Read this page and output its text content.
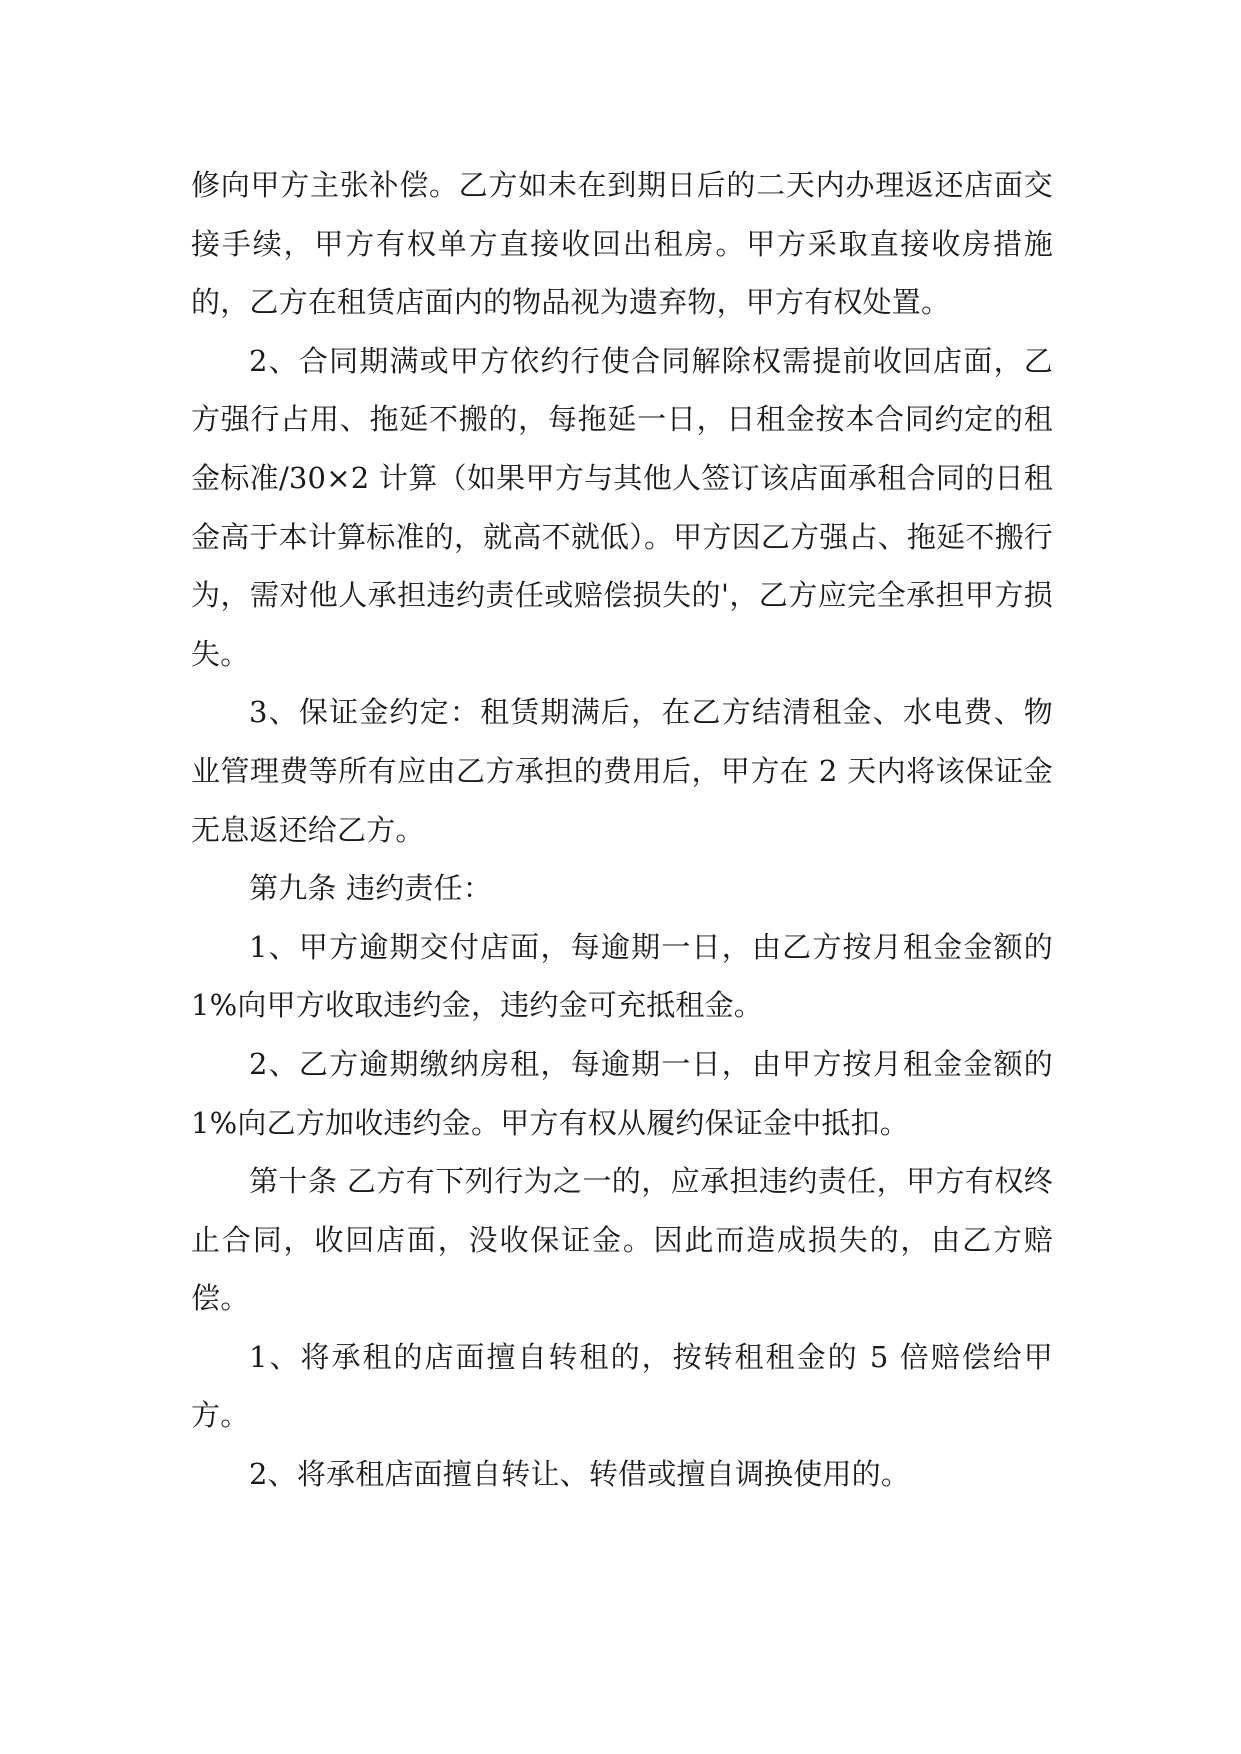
修向甲方主张补偿。乙方如未在到期日后的二天内办理返还店面交接手续，甲方有权单方直接收回出租房。甲方采取直接收房措施的，乙方在租赁店面内的物品视为遗弃物，甲方有权处置。

2、合同期满或甲方依约行使合同解除权需提前收回店面，乙方强行占用、拖延不搬的，每拖延一日，日租金按本合同约定的租金标准/30×2 计算（如果甲方与其他人签订该店面承租合同的日租金高于本计算标准的，就高不就低）。甲方因乙方强占、拖延不搬行为，需对他人承担违约责任或赔偿损失的'，乙方应完全承担甲方损失。

3、保证金约定：租赁期满后，在乙方结清租金、水电费、物业管理费等所有应由乙方承担的费用后，甲方在 2 天内将该保证金无息返还给乙方。

第九条 违约责任：

1、甲方逾期交付店面，每逾期一日，由乙方按月租金金额的 1%向甲方收取违约金，违约金可充抵租金。

2、乙方逾期缴纳房租，每逾期一日，由甲方按月租金金额的 1%向乙方加收违约金。甲方有权从履约保证金中抵扣。

第十条 乙方有下列行为之一的，应承担违约责任，甲方有权终止合同，收回店面，没收保证金。因此而造成损失的，由乙方赔偿。

1、将承租的店面擅自转租的，按转租租金的 5 倍赔偿给甲方。

2、将承租店面擅自转让、转借或擅自调换使用的。
